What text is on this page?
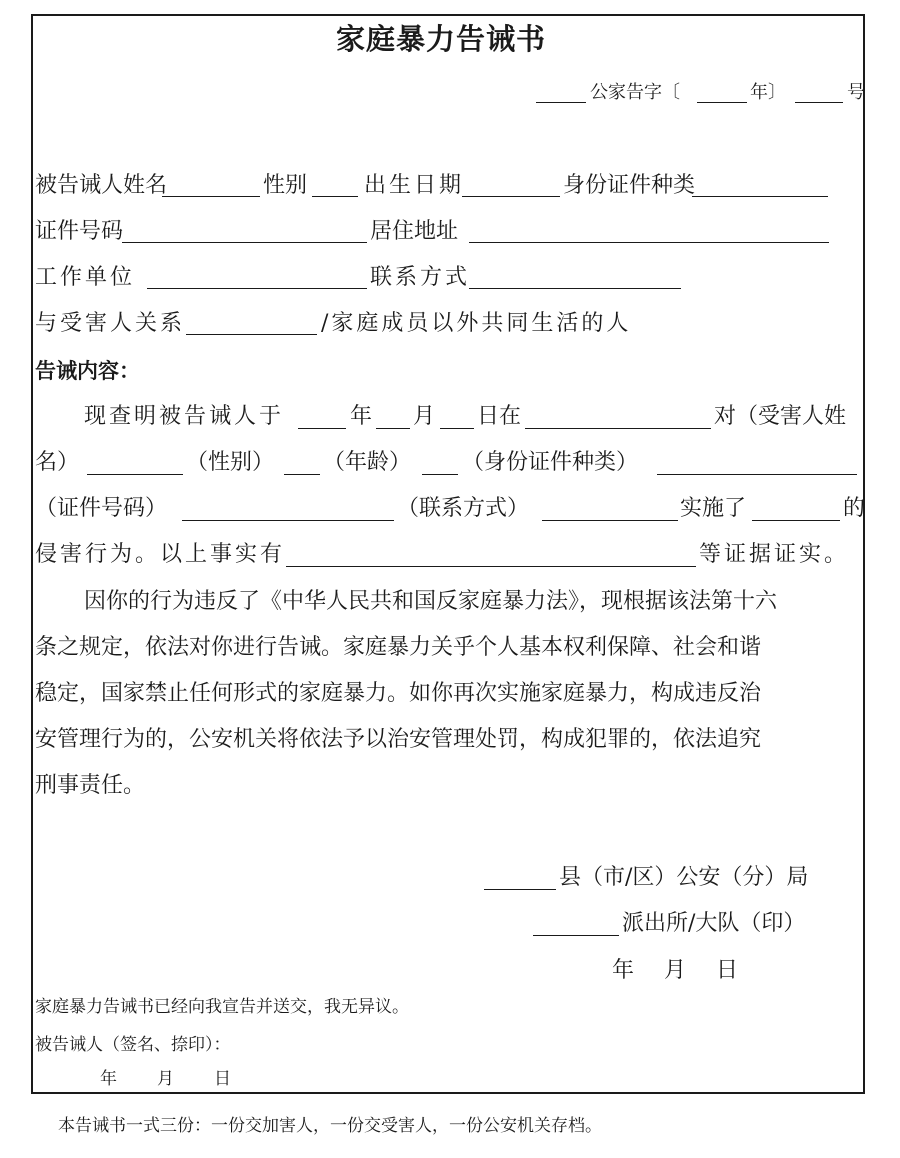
家庭暴力告诫书
公家告字〔	年〕	号
被告诫人姓名	性别	出生日期	身份证件种类
证件号码	居住地址
工作单位	联系方式
与受害人关系	/家庭成员以外共同生活的人
告诫内容：
现查明被告诫人于	年 月 日在	对（受害人姓
名）	（性别） （年龄） （身份证件种类）
（证件号码）	（联系方式）	实施了	的
侵害行为。以上事实有	等证据证实。
因你的行为违反了《中华人民共和国反家庭暴力法》，现根据该法第十六
条之规定，依法对你进行告诫。家庭暴力关乎个人基本权利保障、社会和谐
稳定，国家禁止任何形式的家庭暴力。如你再次实施家庭暴力，构成违反治
安管理行为的，公安机关将依法予以治安管理处罚，构成犯罪的，依法追究
刑事责任。
县（市/区）公安（分）局
派出所/大队（印）
年　月　日
家庭暴力告诫书已经向我宣告并送交，我无异议。
被告诫人（签名、捺印）：
年　　月　　日
本告诫书一式三份：一份交加害人，一份交受害人，一份公安机关存档。
